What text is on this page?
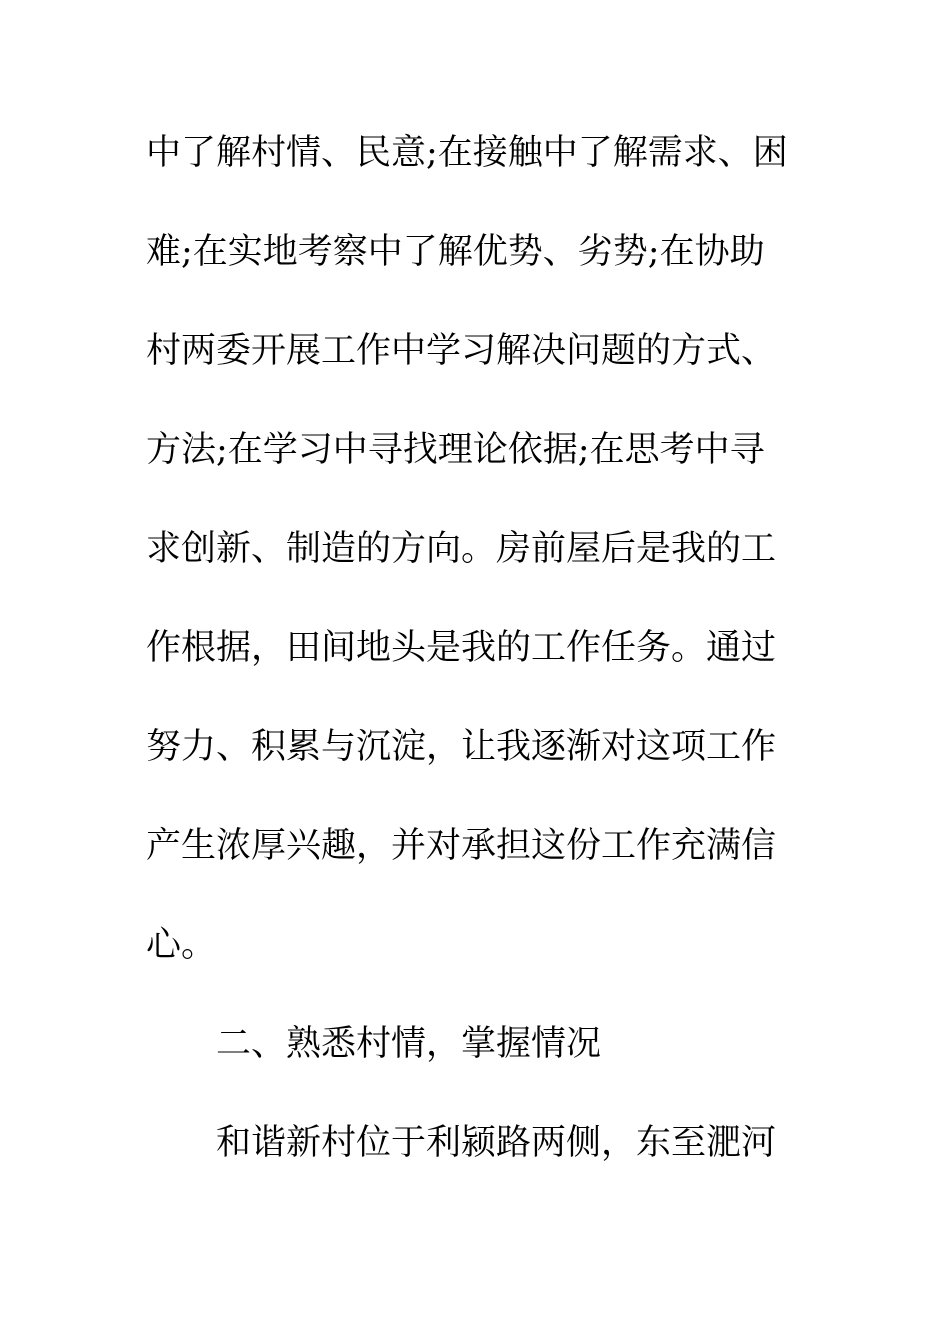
中了解村情、民意;在接触中了解需求、困

难;在实地考察中了解优势、劣势;在协助

村两委开展工作中学习解决问题的方式、

方法;在学习中寻找理论依据;在思考中寻

求创新、制造的方向。房前屋后是我的工

作根据，田间地头是我的工作任务。通过

努力、积累与沉淀，让我逐渐对这项工作

产生浓厚兴趣，并对承担这份工作充满信

心。

二、熟悉村情，掌握情况

和谐新村位于利颍路两侧，东至淝河
